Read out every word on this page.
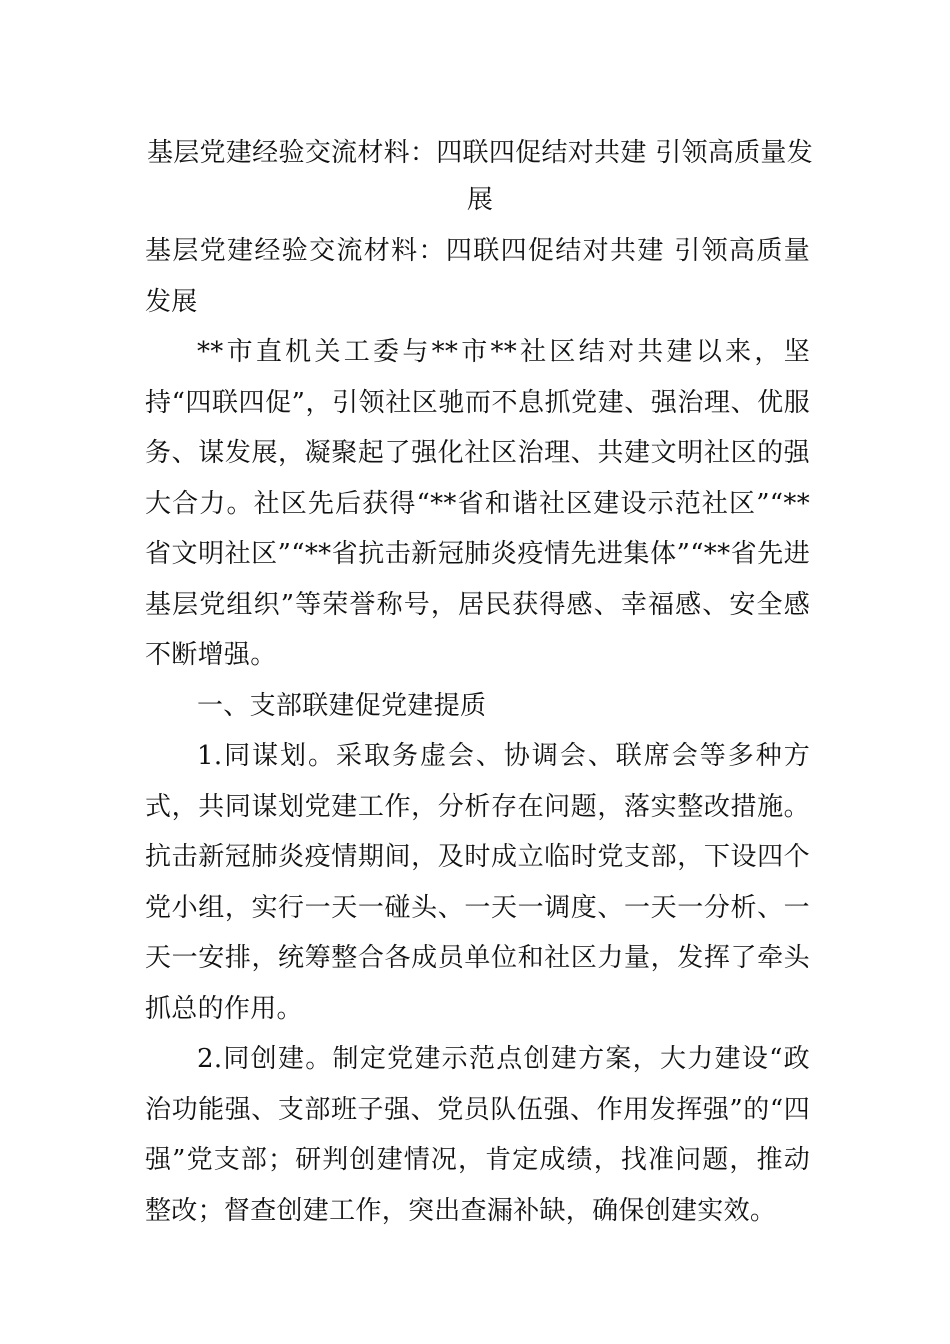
基层党建经验交流材料：四联四促结对共建 引领高质量发展

基层党建经验交流材料：四联四促结对共建 引领高质量发展

**市直机关工委与**市**社区结对共建以来，坚持“四联四促”，引领社区驰而不息抓党建、强治理、优服务、谋发展，凝聚起了强化社区治理、共建文明社区的强大合力。社区先后获得“**省和谐社区建设示范社区”“**省文明社区”“**省抗击新冠肺炎疫情先进集体”“**省先进基层党组织”等荣誉称号，居民获得感、幸福感、安全感不断增强。

一、支部联建促党建提质

1.同谋划。采取务虚会、协调会、联席会等多种方式，共同谋划党建工作，分析存在问题，落实整改措施。抗击新冠肺炎疫情期间，及时成立临时党支部，下设四个党小组，实行一天一碰头、一天一调度、一天一分析、一天一安排，统筹整合各成员单位和社区力量，发挥了牵头抓总的作用。

2.同创建。制定党建示范点创建方案，大力建设“政治功能强、支部班子强、党员队伍强、作用发挥强”的“四强”党支部；研判创建情况，肯定成绩，找准问题，推动整改；督查创建工作，突出查漏补缺，确保创建实效。
